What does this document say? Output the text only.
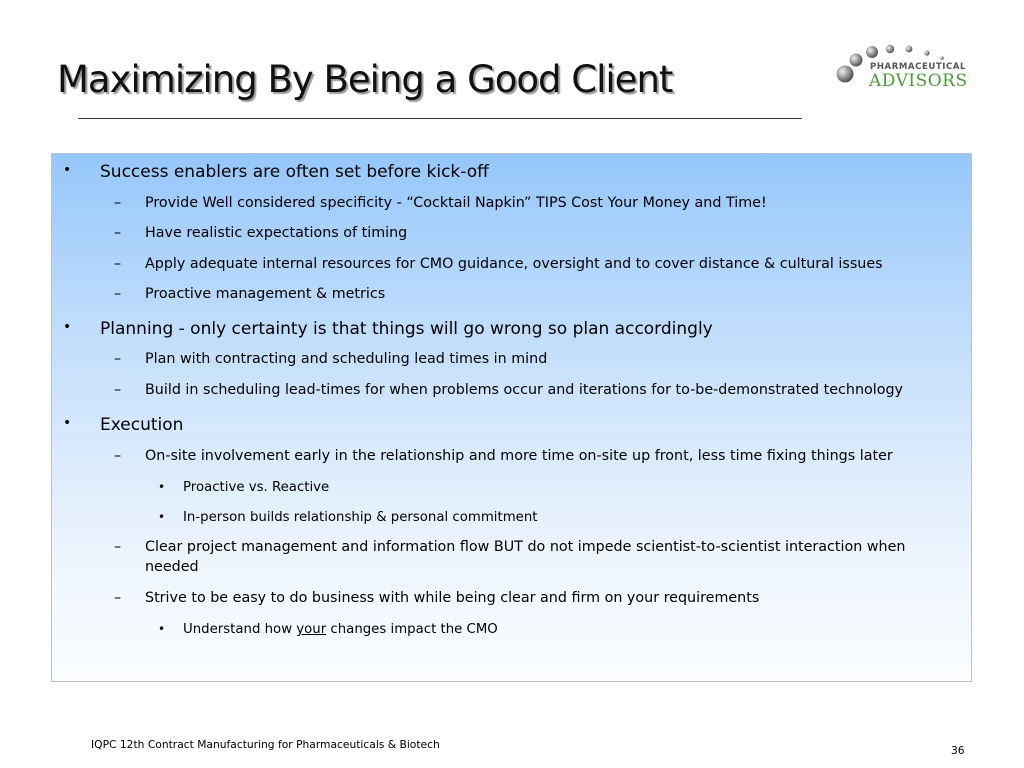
Maximizing By Being a Good Client	PHARMACEUTICAL
ADVISORS
• Success enablers are often set before kick-off
– Provide Well considered specificity - “Cocktail Napkin” TIPS Cost Your Money and Time!
– Have realistic expectations of timing
– Apply adequate internal resources for CMO guidance, oversight and to cover distance & cultural issues
– Proactive management & metrics
• Planning - only certainty is that things will go wrong so plan accordingly
– Plan with contracting and scheduling lead times in mind
– Build in scheduling lead-times for when problems occur and iterations for to-be-demonstrated technology
• Execution
– On-site involvement early in the relationship and more time on-site up front, less time fixing things later
• Proactive vs. Reactive
• In-person builds relationship & personal commitment
– Clear project management and information flow BUT do not impede scientist-to-scientist interaction when
needed
– Strive to be easy to do business with while being clear and firm on your requirements
• Understand how your changes impact the CMO
IQPC 12th Contract Manufacturing for Pharmaceuticals & Biotech	36
